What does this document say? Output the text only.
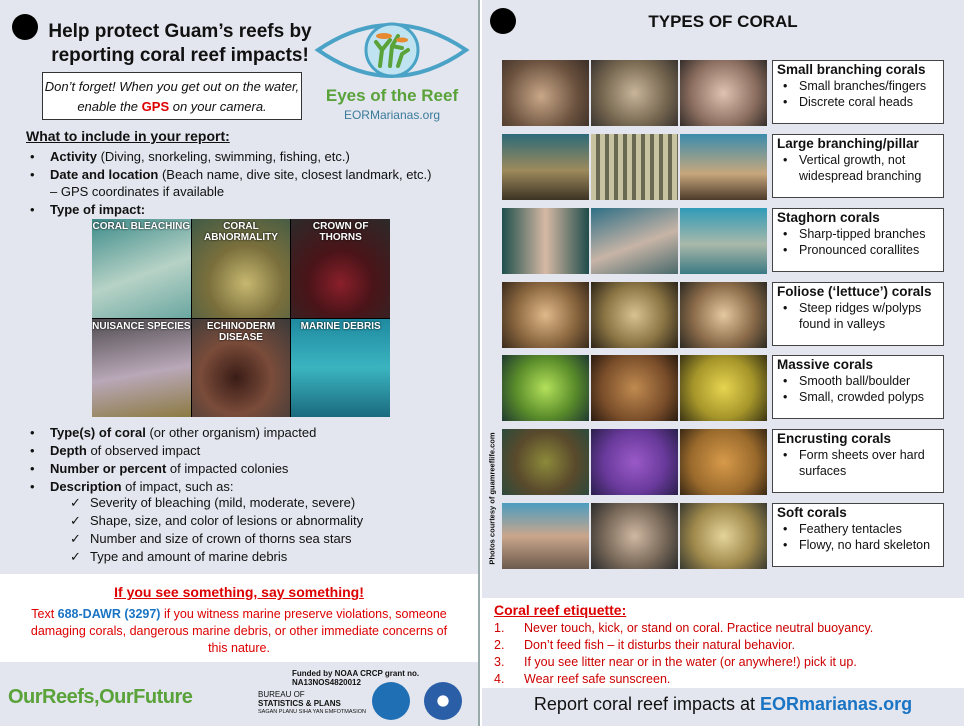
Help protect Guam’s reefs by reporting coral reef impacts!
Eyes of the Reef
EORMarianas.org
Don’t forget! When you get out on the water, enable the GPS on your camera.
What to include in your report:
• Activity (Diving, snorkeling, swimming, fishing, etc.)
• Date and location (Beach name, dive site, closest landmark, etc.)
– GPS coordinates if available
• Type of impact:
CORAL BLEACHING	CORAL ABNORMALITY
CROWN OF THORNS
NUISANCE SPECIES	ECHINODERM DISEASE
MARINE DEBRIS
• Type(s) of coral (or other organism) impacted
• Depth of observed impact
• Number or percent of impacted colonies
• Description of impact, such as:
✓ Severity of bleaching (mild, moderate, severe)
✓ Shape, size, and color of lesions or abnormality
✓ Number and size of crown of thorns sea stars
✓ Type and amount of marine debris
If you see something, say something!
Text 688-DAWR (3297) if you witness marine preserve violations, someone damaging corals, dangerous marine debris, or other immediate concerns of this nature.
Funded by NOAA CRCP grant no. NA13NOS4820012
OurReefs,OurFuture	BUREAU OF
STATISTICS & PLANS
SAGAN PLANU SIHA YAN EMFOTMASION
TYPES OF CORAL
Photos courtesy of guamreeflife.com
Small branching corals
• Small branches/fingers
• Discrete coral heads
Large branching/pillar
• Vertical growth, not widespread branching
Staghorn corals
• Sharp-tipped branches
• Pronounced corallites
Foliose (‘lettuce’) corals
• Steep ridges w/polyps found in valleys
Massive corals
• Smooth ball/boulder
• Small, crowded polyps
Encrusting corals
• Form sheets over hard surfaces
Soft corals
• Feathery tentacles
• Flowy, no hard skeleton
Coral reef etiquette:
1. Never touch, kick, or stand on coral. Practice neutral buoyancy.
2. Don’t feed fish – it disturbs their natural behavior.
3. If you see litter near or in the water (or anywhere!) pick it up.
4. Wear reef safe sunscreen.
Report coral reef impacts at EORmarianas.org
